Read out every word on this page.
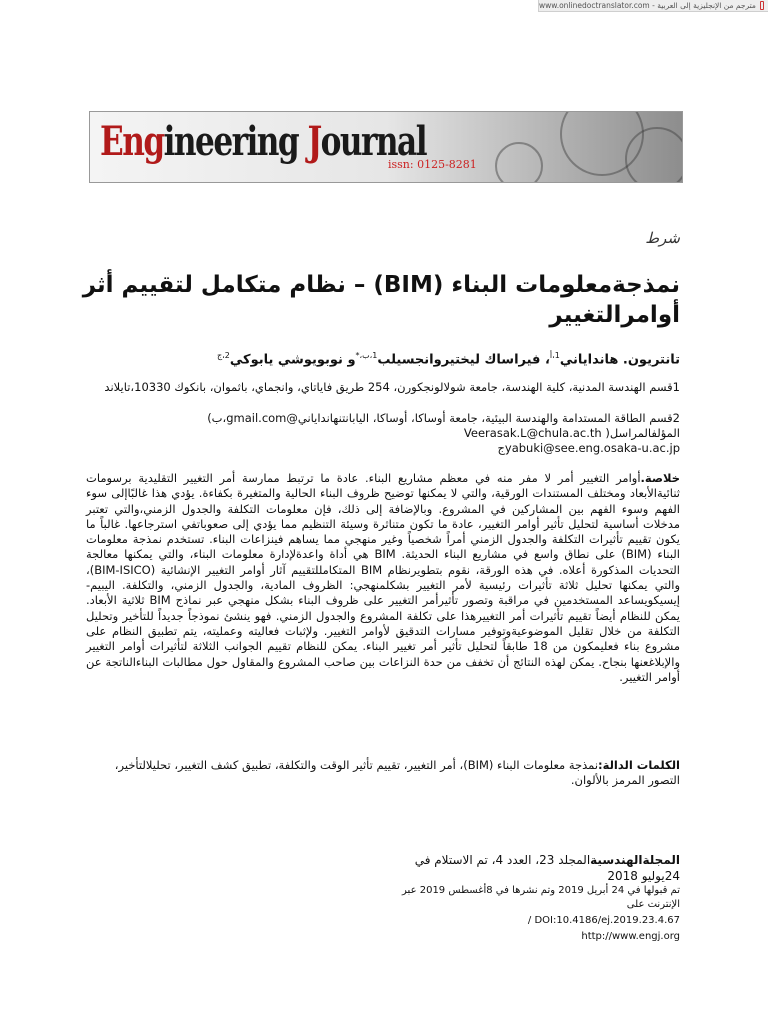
www.onlinedoctranslator.com - مترجم من الإنجليزية إلى العربية
Engineering Journal
issn: 0125-8281
شرط
نمذجةمعلومات البناء (BIM) – نظام متكامل لتقييم أثر أوامرالتغيير
تانتريون. هاندایاني$^{1،أ}$، فیراساك لیختیروانجسیلب$^{1،ب،*}$و نوبویوشي یابوكي$^{2،ج}$
1قسم الھندسة المدنیة، كلیة الھندسة، جامعة شولالونجكورن، 254 طریق فایاتاي، وانجماي، باثموان، بانكوك 10330،تایلاند
2قسم الطاقة المستدامة والھندسة البیئیة، جامعة أوساكا، أوساكا، الیابانتنھاندایاني@gmail.com،ب)
المؤلفالمراسل( Veerasak.L@chula.ac.th
yabuki@see.eng.osaka-u.ac.jpج
خلاصة.أوامر التغییر أمر لا مفر منه في معظم مشاریع البناء. عادة ما ترتبط ممارسة أمر التغییر التقلیدیة برسومات ثنائیةالأبعاد ومختلف المستندات الورقیة، والتي لا یمكنھا توضیح ظروف البناء الحالیة والمتغیرة بكفاءة. یؤدي ھذا غالبًاإلى سوء الفھم وسوء الفھم بین المشاركین في المشروع. وبالإضافة إلى ذلك، فإن معلومات التكلفة والجدول الزمني،والتي تعتبر مدخلات أساسیة لتحلیل تأثیر أوامر التغییر، عادة ما تكون متناثرة وسیئة التنظیم مما یؤدي إلى صعوباتفي استرجاعھا. غالباً ما یكون تقییم تأثیرات التكلفة والجدول الزمني أمراً شخصیاً وغیر منھجي مما یساھم فينزاعات البناء. تستخدم نمذجة معلومات البناء (BIM) على نطاق واسع في مشاریع البناء الحدیثة. BIM ھي أداة واعدةلإدارة معلومات البناء، والتي یمكنھا معالجة التحدیات المذكورة أعلاه. في ھذه الورقة، نقوم بتطویرنظام BIM المتكامللتقییم آثار أوامر التغییر الإنشائیة (BIM-ISICO)، والتي یمكنھا تحلیل ثلاثة تأثیرات رئیسیة لأمر التغییر بشكلمنھجي: الظروف المادیة، والجدول الزمني، والتكلفة. الیبیم-إیسیكویساعد المستخدمین في مراقبة وتصور تأثیرأمر التغییر على ظروف البناء بشكل منھجي عبر نماذج BIM ثلاثیة الأبعاد. یمكن للنظام أیضاً تقییم تأثیرات أمر التغییرھذا على تكلفة المشروع والجدول الزمني. فھو ینشئ نموذجاً جدیداً للتأخیر وتحلیل التكلفة من خلال تقلیل الموضوعیةوتوفیر مسارات التدقیق لأوامر التغییر. ولإثبات فعالیته وعملیته، یتم تطبیق النظام على مشروع بناء فعليمكون من 18 طابقاً لتحلیل تأثیر أمر تغییر البناء. یمكن للنظام تقییم الجوانب الثلاثة لتأثیرات أوامر التغییر والإبلاغعنھا بنجاح. یمكن لھذه النتائج أن تخفف من حدة النزاعات بین صاحب المشروع والمقاول حول مطالبات البناءالناتجة عن أوامر التغییر.
الكلمات الدالة:نمذجة معلومات البناء (BIM)، أمر التغییر، تقییم تأثیر الوقت والتكلفة، تطبیق كشف التغییر، تحلیلالتأخیر، التصور المرمز بالألوان.
المجلةالھندسیةالمجلد 23، العدد 4، تم الاستلام في 24یولیو 2018
تم قبولھا في 24 أبریل 2019 وتم نشرھا في 8أغسطس 2019 عبر الإنترنت على
/ DOI:10.4186/ej.2019.23.4.67
http://www.engj.org
